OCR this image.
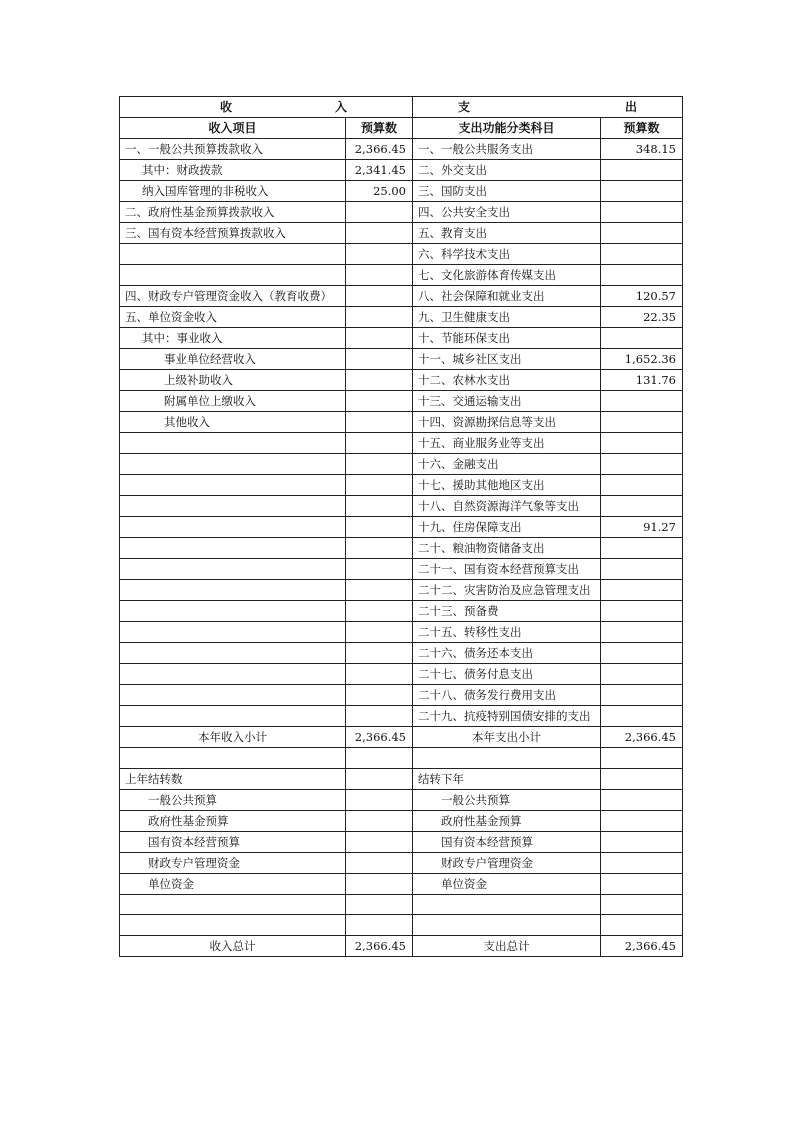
收 入		支 出	

收入项目	预算数	支出功能分类科目	预算数
一、一般公共预算拨款收入	2,366.45	一、一般公共服务支出	348.15
其中：财政拨款	2,341.45	二、外交支出	
纳入国库管理的非税收入	25.00	三、国防支出	
二、政府性基金预算拨款收入		四、公共安全支出	
三、国有资本经营预算拨款收入		五、教育支出	
		六、科学技术支出	
		七、文化旅游体育传媒支出	
四、财政专户管理资金收入（教育收费）		八、社会保障和就业支出	120.57
五、单位资金收入		九、卫生健康支出	22.35
其中：事业收入		十、节能环保支出	
事业单位经营收入		十一、城乡社区支出	1,652.36
上级补助收入		十二、农林水支出	131.76
附属单位上缴收入		十三、交通运输支出	
其他收入		十四、资源勘探信息等支出	
		十五、商业服务业等支出	
		十六、金融支出	
		十七、援助其他地区支出	
		十八、自然资源海洋气象等支出	
		十九、住房保障支出	91.27
		二十、粮油物资储备支出	
		二十一、国有资本经营预算支出	
		二十二、灾害防治及应急管理支出	
		二十三、预备费	
		二十五、转移性支出	
		二十六、债务还本支出	
		二十七、债务付息支出	
		二十八、债务发行费用支出	
		二十九、抗疫特别国债安排的支出	
本年收入小计	2,366.45	本年支出小计	2,366.45

上年结转数		结转下年	
一般公共预算		一般公共预算	
政府性基金预算		政府性基金预算	
国有资本经营预算		国有资本经营预算	
财政专户管理资金		财政专户管理资金	
单位资金		单位资金	

收入总计	2,366.45	支出总计	2,366.45
